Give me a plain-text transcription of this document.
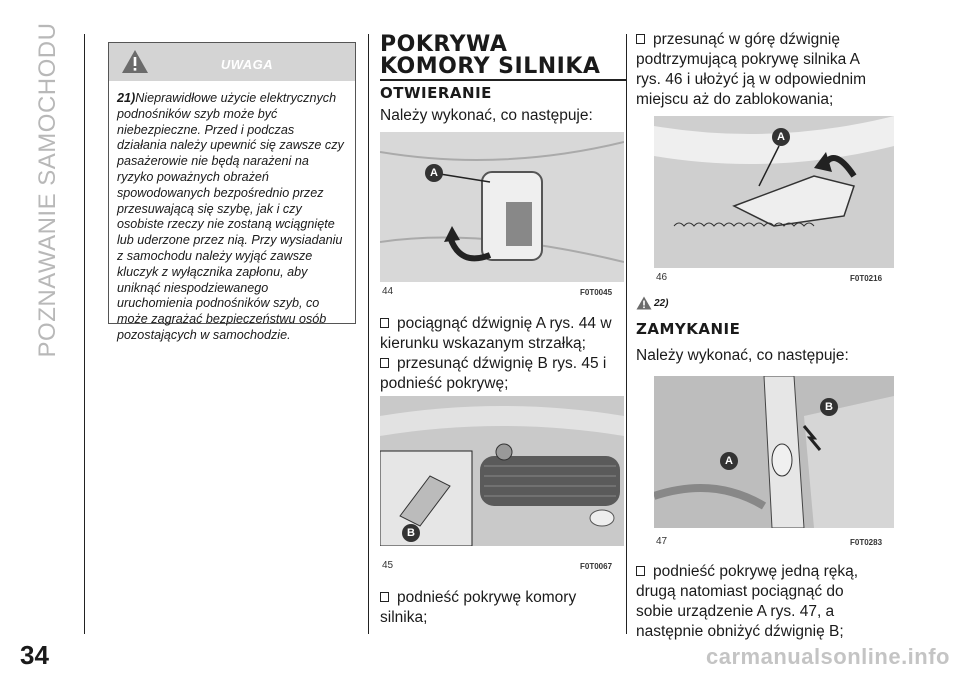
POZNAWANIE SAMOCHODU
34
UWAGA
21)Nieprawidłowe użycie elektrycznych podnośników szyb może być niebezpieczne. Przed i podczas działania należy upewnić się zawsze czy pasażerowie nie będą narażeni na ryzyko poważnych obrażeń spowodowanych bezpośrednio przez przesuwającą się szybę, jak i czy osobiste rzeczy nie zostaną wciągnięte lub uderzone przez nią. Przy wysiadaniu z samochodu należy wyjąć zawsze kluczyk z wyłącznika zapłonu, aby uniknąć niespodziewanego uruchomienia podnośników szyb, co może zagrażać bezpieczeństwu osób pozostających w samochodzie.
POKRYWA KOMORY SILNIKA
OTWIERANIE
Należy wykonać, co następuje:
A
44	F0T0045
pociągnąć dźwignię A rys. 44 w kierunku wskazanym strzałką;
przesunąć dźwignię B rys. 45 i podnieść pokrywę;
B
45	F0T0067
podnieść pokrywę komory silnika;
przesunąć w górę dźwignię podtrzymującą pokrywę silnika A rys. 46 i ułożyć ją w odpowiednim miejscu aż do zablokowania;
A
46	F0T0216
22)
ZAMYKANIE
Należy wykonać, co następuje:
A
B
47	F0T0283
podnieść pokrywę jedną ręką, drugą natomiast pociągnąć do sobie urządzenie A rys. 47, a następnie obniżyć dźwignię B;
carmanualsonline.info
